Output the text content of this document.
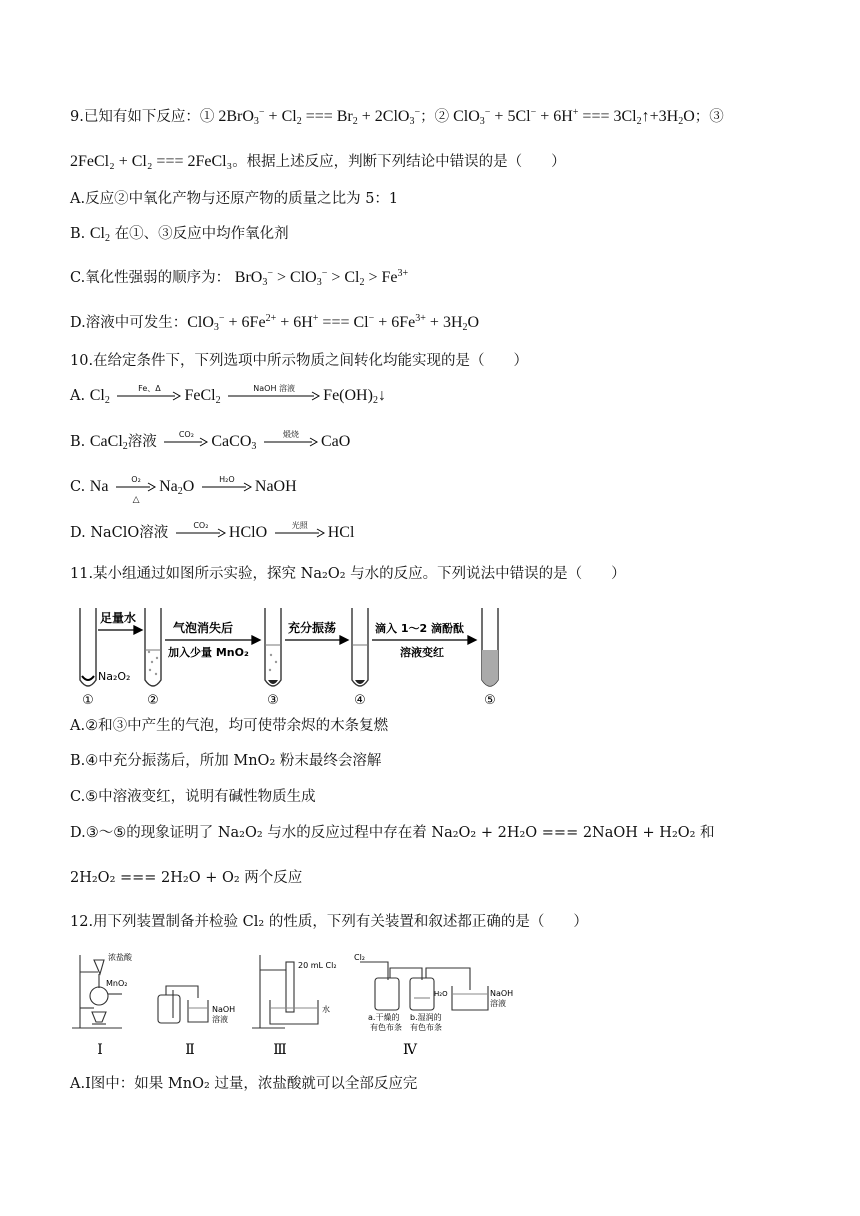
9.已知有如下反应：① $2BrO_3^- + Cl_2$ === $Br_2 + 2ClO_3^-$；② ClO$_3$− + 5Cl− + 6H+ === $3Cl_2↑+3H_2O$；③
2FeCl₂ + Cl₂ === 2FeCl₃。根据上述反应，判断下列结论中错误的是（　　）
A.反应②中氧化产物与还原产物的质量之比为 5：1
B. $Cl_2$ 在①、③反应中均作氧化剂
C.氧化性强弱的顺序为： $BrO_3^- > ClO_3^- > Cl_2 > Fe^{3+}$
D.溶液中可发生：$ClO_3^- + 6Fe^{2+} + 6H^+$ === $Cl^- + 6Fe^{3+} + 3H_2O$
10.在给定条件下，下列选项中所示物质之间转化均能实现的是（　　）
A. $Cl_2$
Fe、Δ	FeCl$_2$
NaOH 溶液	$Fe(OH)_2↓$
B. CaCl$_2$溶液	CO₂	CaCO$_3$
煅烧	CaO
C. Na	O₂
△
$Na_2O$	H₂O	NaOH
D. NaClO溶液	CO₂	HClO	光照	HCl
11.某小组通过如图所示实验，探究 Na₂O₂ 与水的反应。下列说法中错误的是（　　）
足量水
气泡消失后
加入少量 MnO₂
充分振荡	滴入 1～2 滴酚酞
溶液变红
Na₂O₂
①	②	③	④	⑤
A.②和③中产生的气泡，均可使带余烬的木条复燃
B.④中充分振荡后，所加 MnO₂ 粉末最终会溶解
C.⑤中溶液变红，说明有碱性物质生成
D.③～⑤的现象证明了 Na₂O₂ 与水的反应过程中存在着 Na₂O₂ + 2H₂O === 2NaOH + H₂O₂ 和
2H₂O₂ === 2H₂O + O₂ 两个反应
12.用下列装置制备并检验 Cl₂ 的性质，下列有关装置和叙述都正确的是（　　）
浓盐酸
MnO₂
NaOH
溶液
20 mL Cl₂
水
Cl₂
H₂O	NaOH
溶液
a.干燥的
有色布条
b.湿润的
有色布条
Ⅰ	Ⅱ	Ⅲ	Ⅳ
A.Ⅰ图中：如果 MnO₂ 过量，浓盐酸就可以全部反应完
